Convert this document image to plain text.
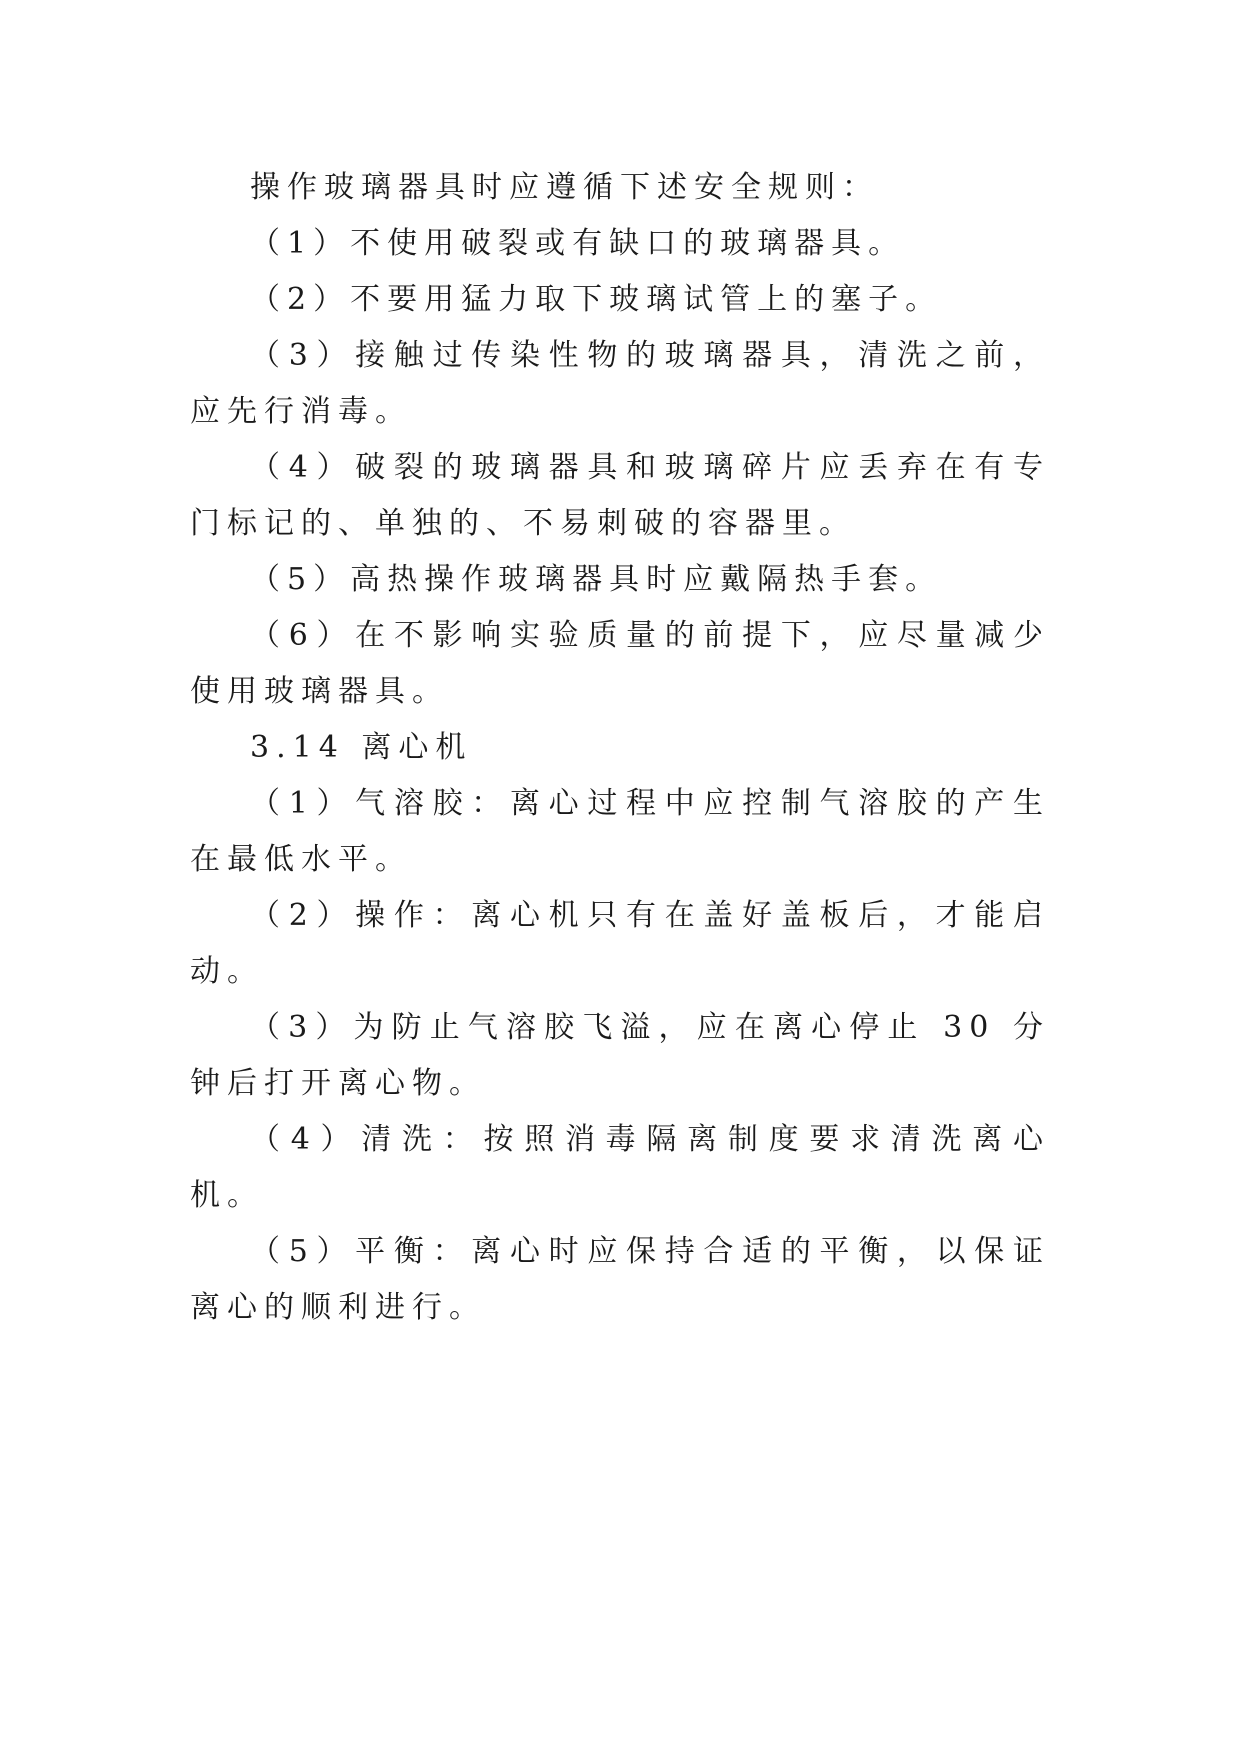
操作玻璃器具时应遵循下述安全规则：

（1）不使用破裂或有缺口的玻璃器具。

（2）不要用猛力取下玻璃试管上的塞子。

（3）接触过传染性物的玻璃器具，清洗之前，应先行消毒。

（4）破裂的玻璃器具和玻璃碎片应丢弃在有专门标记的、单独的、不易刺破的容器里。

（5）高热操作玻璃器具时应戴隔热手套。

（6）在不影响实验质量的前提下，应尽量减少使用玻璃器具。

3.14 离心机

（1）气溶胶：离心过程中应控制气溶胶的产生在最低水平。

（2）操作：离心机只有在盖好盖板后，才能启动。

（3）为防止气溶胶飞溢，应在离心停止 30 分钟后打开离心物。

（4）清洗：按照消毒隔离制度要求清洗离心机。

（5）平衡：离心时应保持合适的平衡，以保证离心的顺利进行。
